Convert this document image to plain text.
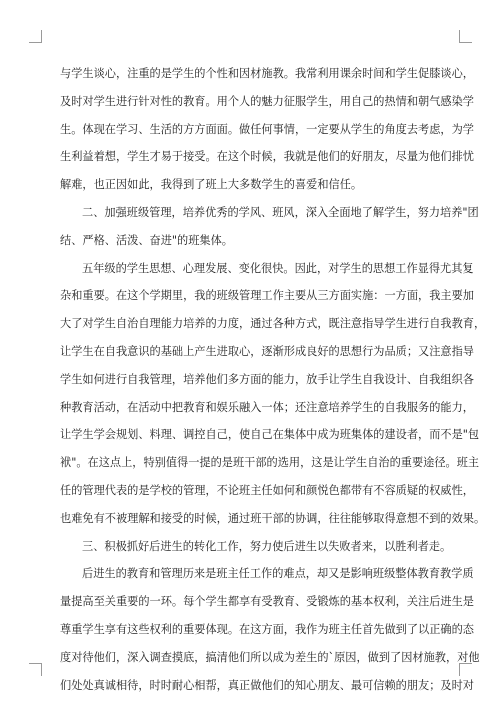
与学生谈心，注重的是学生的个性和因材施教。我常利用课余时间和学生促膝谈心，
及时对学生进行针对性的教育。用个人的魅力征服学生，用自己的热情和朝气感染学
生。体现在学习、生活的方方面面。做任何事情，一定要从学生的角度去考虑，为学
生利益着想，学生才易于接受。在这个时候，我就是他们的好朋友，尽量为他们排忧
解难，也正因如此，我得到了班上大多数学生的喜爱和信任。
二、加强班级管理，培养优秀的学风、班风，深入全面地了解学生，努力培养"团
结、严格、活泼、奋进"的班集体。
五年级的学生思想、心理发展、变化很快。因此，对学生的思想工作显得尤其复
杂和重要。在这个学期里，我的班级管理工作主要从三方面实施：一方面，我主要加
大了对学生自治自理能力培养的力度，通过各种方式，既注意指导学生进行自我教育，
让学生在自我意识的基础上产生进取心，逐渐形成良好的思想行为品质；又注意指导
学生如何进行自我管理，培养他们多方面的能力，放手让学生自我设计、自我组织各
种教育活动，在活动中把教育和娱乐融入一体；还注意培养学生的自我服务的能力，
让学生学会规划、料理、调控自己，使自己在集体中成为班集体的建设者，而不是"包
袱"。在这点上，特别值得一提的是班干部的选用，这是让学生自治的重要途径。班主
任的管理代表的是学校的管理，不论班主任如何和颜悦色都带有不容质疑的权威性，
也难免有不被理解和接受的时候，通过班干部的协调，往往能够取得意想不到的效果。
三、积极抓好后进生的转化工作，努力使后进生以失败者来，以胜利者走。
后进生的教育和管理历来是班主任工作的难点，却又是影响班级整体教育教学质
量提高至关重要的一环。每个学生都享有受教育、受锻炼的基本权利，关注后进生是
尊重学生享有这些权利的重要体现。在这方面，我作为班主任首先做到了以正确的态
度对待他们，深入调查摸底，搞清他们所以成为差生的`原因，做到了因材施教，对他
们处处真诚相待，时时耐心相帮，真正做他们的知心朋友、最可信赖的朋友；及时对
